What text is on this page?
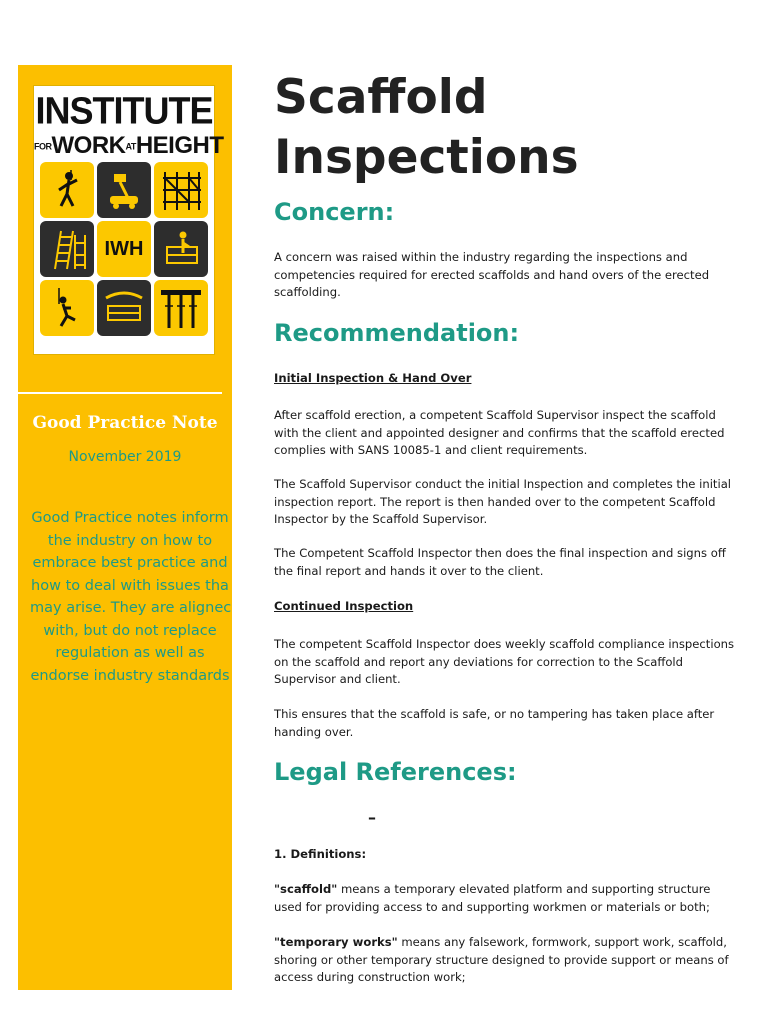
INSTITUTE
FORWORKATHEIGHT
IWH
Good Practice Note
November 2019
Good Practice notes inform
the industry on how to
embrace best practice and
how to deal with issues tha
may arise. They are alignec
with, but do not replace
regulation as well as
endorse industry standards
Scaffold
Inspections
Concern:
A concern was raised within the industry regarding the inspections and competencies required for erected scaffolds and hand overs of the erected scaffolding.
Recommendation:
Initial Inspection & Hand Over
After scaffold erection, a competent Scaffold Supervisor inspect the scaffold with the client and appointed designer and confirms that the scaffold erected complies with SANS 10085-1 and client requirements.
The Scaffold Supervisor conduct the initial Inspection and completes the initial inspection report. The report is then handed over to the competent Scaffold Inspector by the Scaffold Supervisor.
The Competent Scaffold Inspector then does the final inspection and signs off the final report and hands it over to the client.
Continued Inspection
The competent Scaffold Inspector does weekly scaffold compliance inspections on the scaffold and report any deviations for correction to the Scaffold Supervisor and client.
This ensures that the scaffold is safe, or no tampering has taken place after handing over.
Legal References:
–
1. Definitions:
"scaffold" means a temporary elevated platform and supporting structure used for providing access to and supporting workmen or materials or both;
"temporary works" means any falsework, formwork, support work, scaffold, shoring or other temporary structure designed to provide support or means of access during construction work;
